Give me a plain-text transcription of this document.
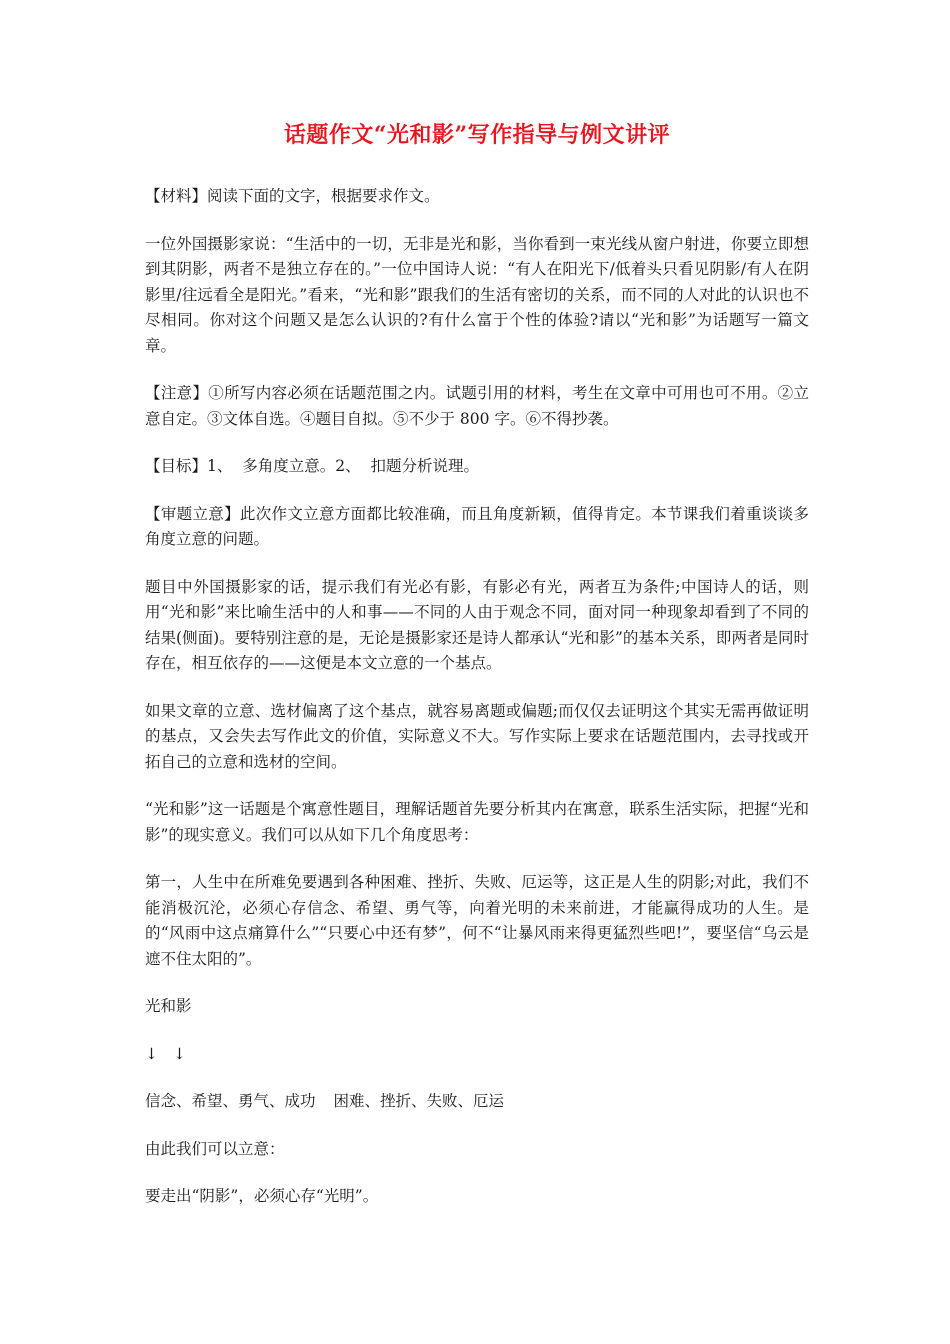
话题作文“光和影”写作指导与例文讲评

【材料】阅读下面的文字，根据要求作文。

一位外国摄影家说：“生活中的一切，无非是光和影，当你看到一束光线从窗户射进，你要立即想到其阴影，两者不是独立存在的。”一位中国诗人说：“有人在阳光下/低着头只看见阴影/有人在阴影里/往远看全是阳光。”看来，“光和影”跟我们的生活有密切的关系，而不同的人对此的认识也不尽相同。你对这个问题又是怎么认识的?有什么富于个性的体验?请以“光和影”为话题写一篇文章。

【注意】①所写内容必须在话题范围之内。试题引用的材料，考生在文章中可用也可不用。②立意自定。③文体自选。④题目自拟。⑤不少于 800 字。⑥不得抄袭。

【目标】1、  多角度立意。2、  扣题分析说理。

【审题立意】此次作文立意方面都比较准确，而且角度新颖，值得肯定。本节课我们着重谈谈多角度立意的问题。

题目中外国摄影家的话，提示我们有光必有影，有影必有光，两者互为条件;中国诗人的话，则用“光和影”来比喻生活中的人和事——不同的人由于观念不同，面对同一种现象却看到了不同的结果(侧面)。要特别注意的是，无论是摄影家还是诗人都承认“光和影”的基本关系，即两者是同时存在，相互依存的——这便是本文立意的一个基点。

如果文章的立意、选材偏离了这个基点，就容易离题或偏题;而仅仅去证明这个其实无需再做证明的基点，又会失去写作此文的价值，实际意义不大。写作实际上要求在话题范围内，去寻找或开拓自己的立意和选材的空间。

“光和影”这一话题是个寓意性题目，理解话题首先要分析其内在寓意，联系生活实际，把握“光和影”的现实意义。我们可以从如下几个角度思考：

第一，人生中在所难免要遇到各种困难、挫折、失败、厄运等，这正是人生的阴影;对此，我们不能消极沉沦，必须心存信念、希望、勇气等，向着光明的未来前进，才能赢得成功的人生。是的“风雨中这点痛算什么”“只要心中还有梦”，何不“让暴风雨来得更猛烈些吧!”，要坚信“乌云是遮不住太阳的”。

光和影

↓ ↓

信念、希望、勇气、成功 困难、挫折、失败、厄运

由此我们可以立意：

要走出“阴影”，必须心存“光明”。
